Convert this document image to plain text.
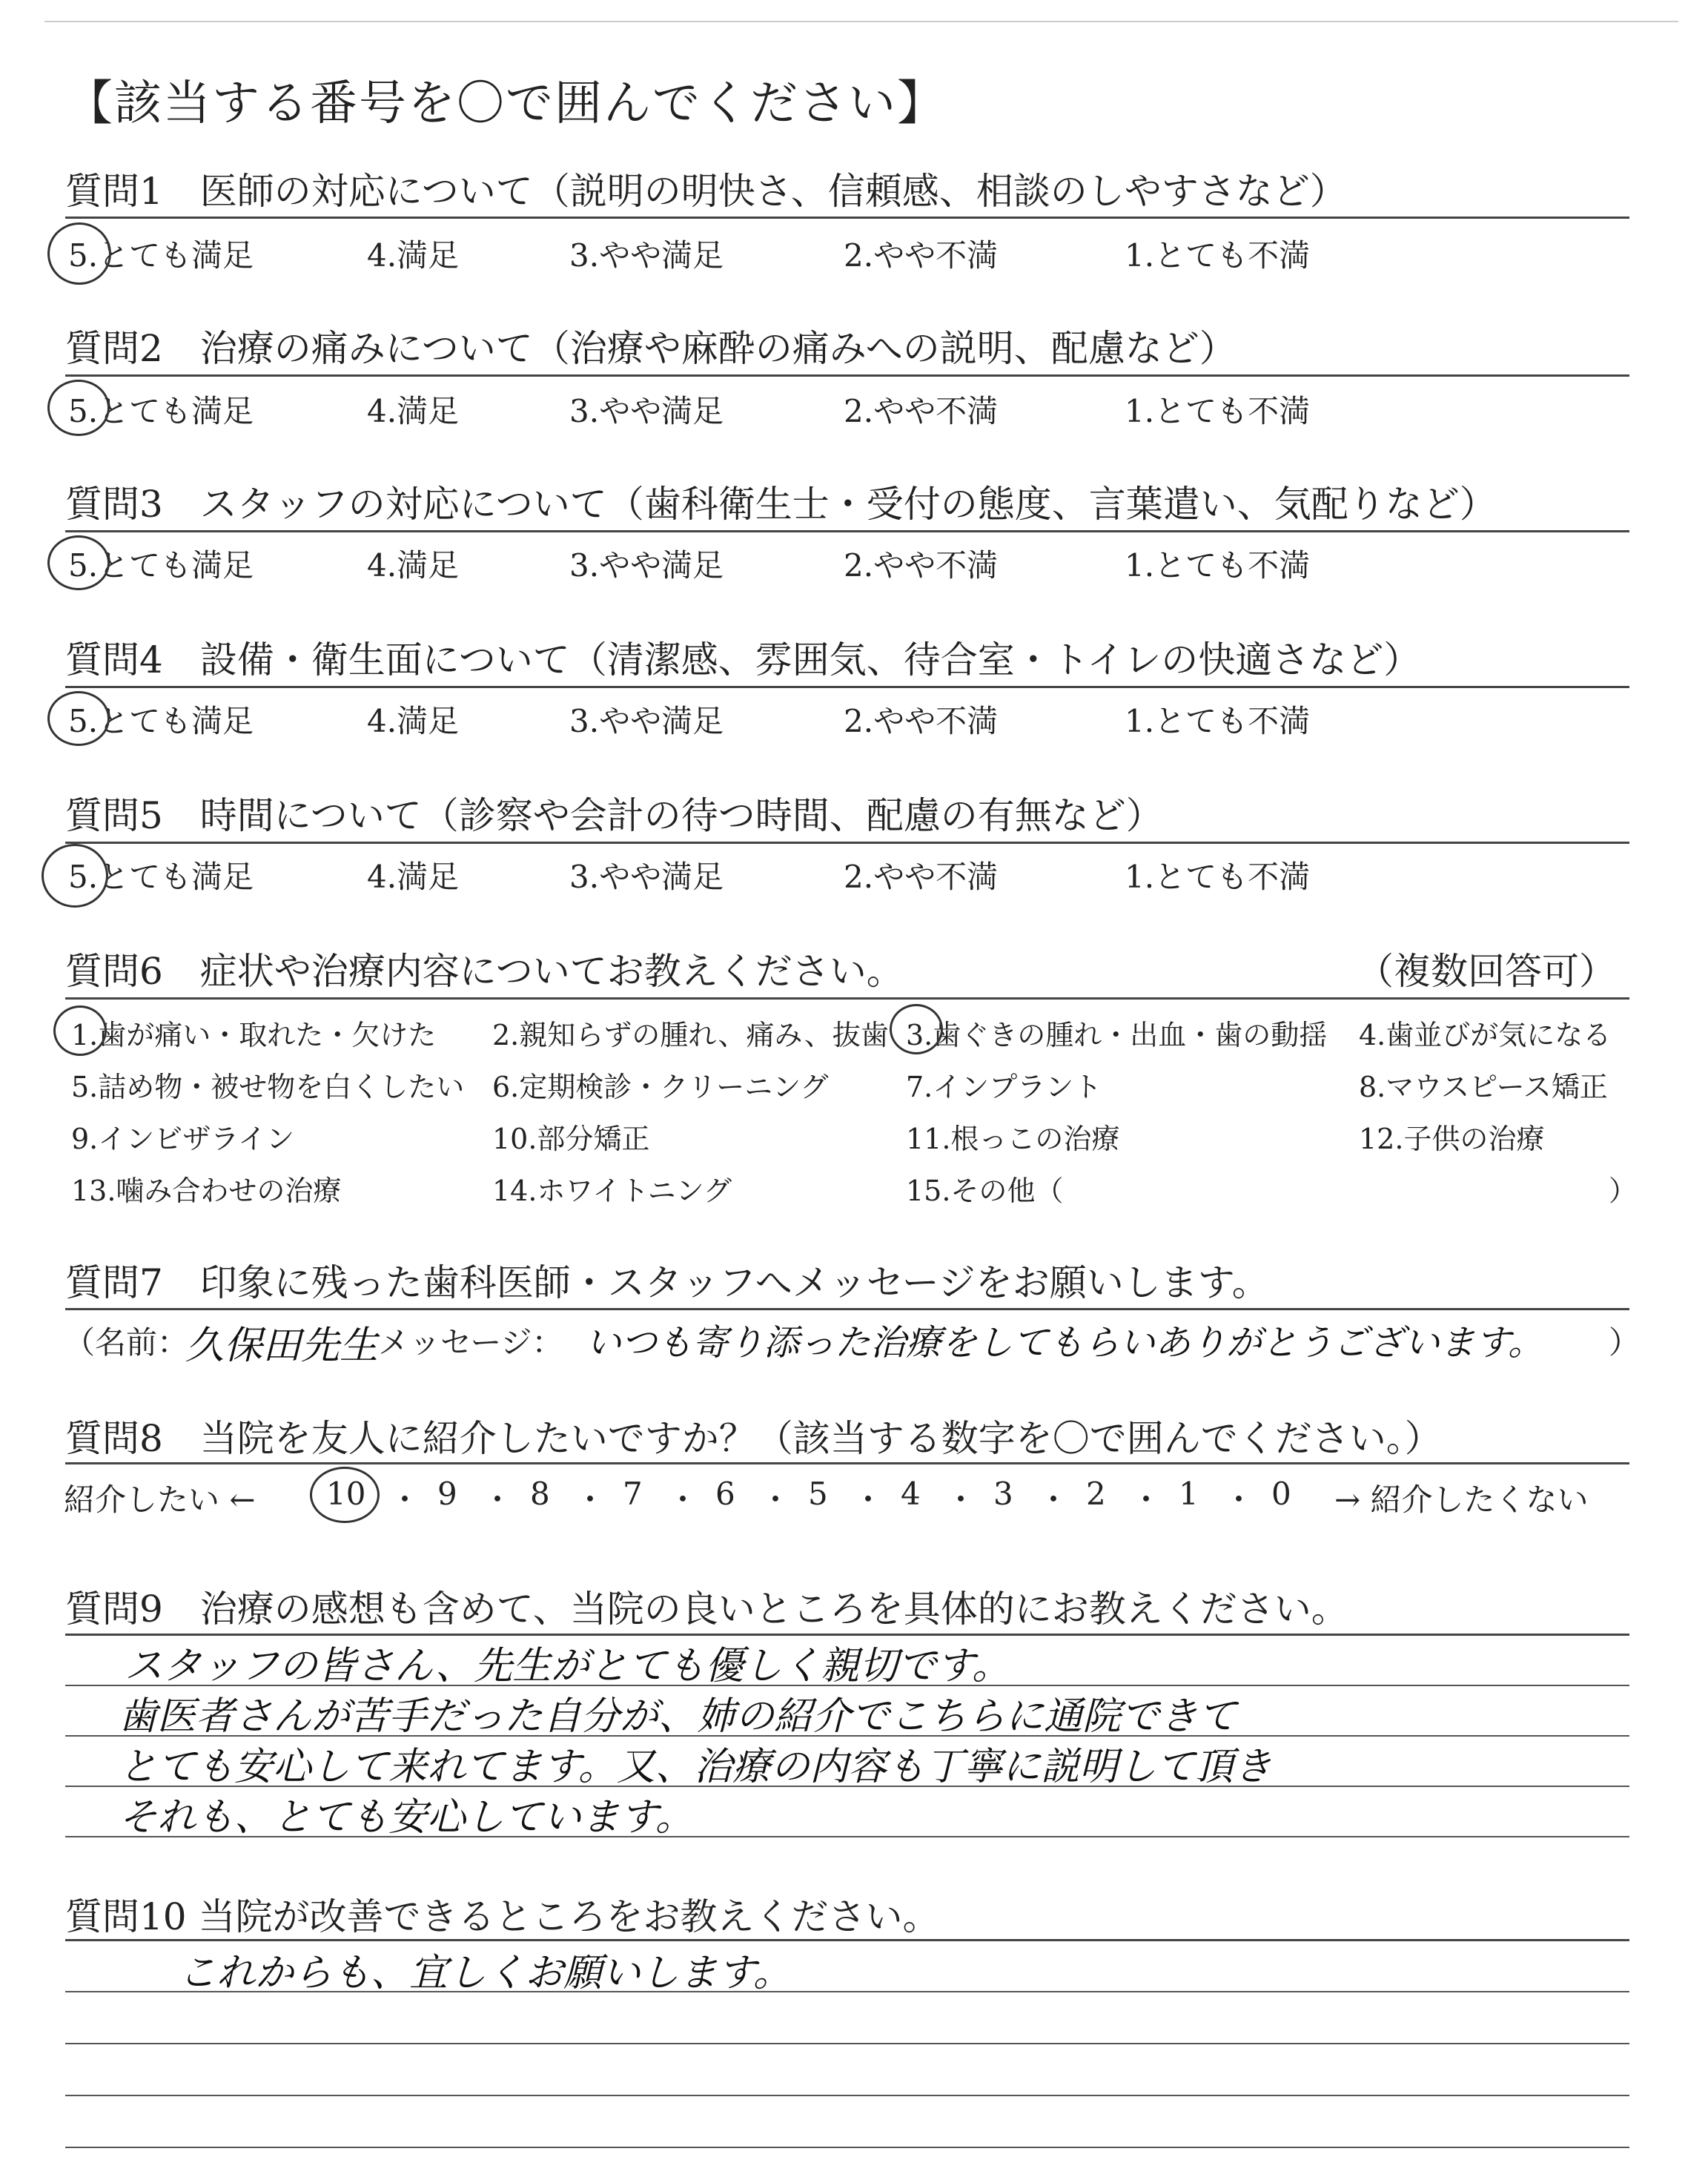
【該当する番号を〇で囲んでください】
質問1　医師の対応について（説明の明快さ、信頼感、相談のしやすさなど）
5.とても満足	4.満足	3.やや満足	2.やや不満	1.とても不満
質問2　治療の痛みについて（治療や麻酔の痛みへの説明、配慮など）
5.とても満足	4.満足	3.やや満足	2.やや不満	1.とても不満
質問3　スタッフの対応について（歯科衛生士・受付の態度、言葉遣い、気配りなど）
5.とても満足	4.満足	3.やや満足	2.やや不満	1.とても不満
質問4　設備・衛生面について（清潔感、雰囲気、待合室・トイレの快適さなど）
5.とても満足	4.満足	3.やや満足	2.やや不満	1.とても不満
質問5　時間について（診察や会計の待つ時間、配慮の有無など）
5.とても満足	4.満足	3.やや満足	2.やや不満	1.とても不満
質問6　症状や治療内容についてお教えください。	（複数回答可）
1.歯が痛い・取れた・欠けた 2.親知らずの腫れ、痛み、抜歯 3.歯ぐきの腫れ・出血・歯の動揺 4.歯並びが気になる
5.詰め物・被せ物を白くしたい 6.定期検診・クリーニング	7.インプラント	8.マウスピース矯正
9.インビザライン	10.部分矯正	11.根っこの治療	12.子供の治療
13.噛み合わせの治療	14.ホワイトニング	15.その他（	）
質問7　印象に残った歯科医師・スタッフへメッセージをお願いします。
（名前：
久保田先生 メッセージ： いつも寄り添った治療をしてもらいありがとうございます。 ）
質問8　当院を友人に紹介したいですか？（該当する数字を〇で囲んでください。）
紹介したい ← 10 ・ 9 ・ 8 ・ 7 ・ 6 ・ 5 ・ 4 ・ 3 ・ 2 ・ 1 ・ 0 → 紹介したくない
質問9　治療の感想も含めて、当院の良いところを具体的にお教えください。
スタッフの皆さん、先生がとても優しく親切です。
歯医者さんが苦手だった自分が、姉の紹介でこちらに通院できて
とても安心して来れてます。又、治療の内容も丁寧に説明して頂き
それも、とても安心しています。
質問10 当院が改善できるところをお教えください。
これからも、宜しくお願いします。
